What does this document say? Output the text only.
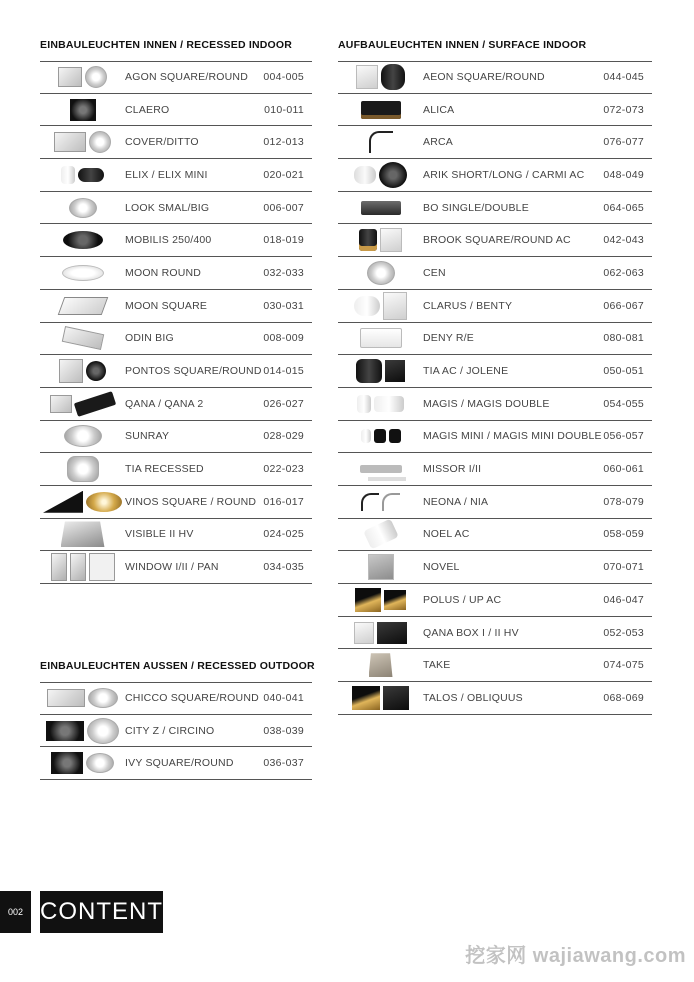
EINBAULEUCHTEN INNEN / RECESSED INDOOR
AGON SQUARE/ROUND	004-005
CLAERO	010-011
COVER/DITTO	012-013
ELIX / ELIX MINI	020-021
LOOK SMAL/BIG	006-007
MOBILIS 250/400	018-019
MOON ROUND	032-033
MOON SQUARE	030-031
ODIN BIG	008-009
PONTOS SQUARE/ROUND 014-015
QANA / QANA 2	026-027
SUNRAY	028-029
TIA RECESSED	022-023
VINOS SQUARE / ROUND 016-017
VISIBLE II HV	024-025
WINDOW I/II / PAN	034-035
EINBAULEUCHTEN AUSSEN / RECESSED OUTDOOR
CHICCO SQUARE/ROUND 040-041
CITY Z / CIRCINO	038-039
IVY SQUARE/ROUND	036-037
AUFBAULEUCHTEN INNEN / SURFACE INDOOR
AEON SQUARE/ROUND	044-045
ALICA	072-073
ARCA	076-077
ARIK SHORT/LONG / CARMI AC	048-049
BO SINGLE/DOUBLE	064-065
BROOK SQUARE/ROUND AC	042-043
CEN	062-063
CLARUS / BENTY	066-067
DENY R/E	080-081
TIA AC / JOLENE	050-051
MAGIS / MAGIS DOUBLE	054-055
MAGIS MINI / MAGIS MINI DOUBLE 056-057
MISSOR I/II	060-061
NEONA / NIA	078-079
NOEL AC	058-059
NOVEL	070-071
POLUS / UP AC	046-047
QANA BOX I / II HV	052-053
TAKE	074-075
TALOS / OBLIQUUS	068-069
002 CONTENT
挖家网 wajiawang.com
